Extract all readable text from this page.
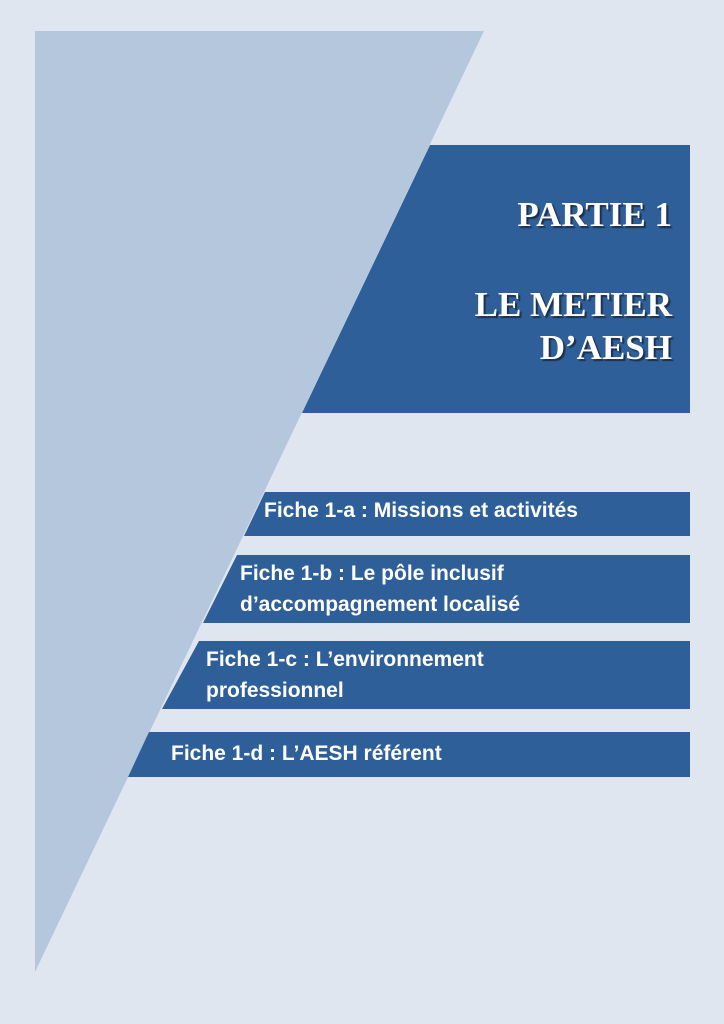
PARTIE 1
LE METIER
D’AESH
Fiche 1-a : Missions et activités
Fiche 1-b : Le pôle inclusif
d’accompagnement localisé
Fiche 1-c : L’environnement
professionnel
Fiche 1-d : L’AESH référent
